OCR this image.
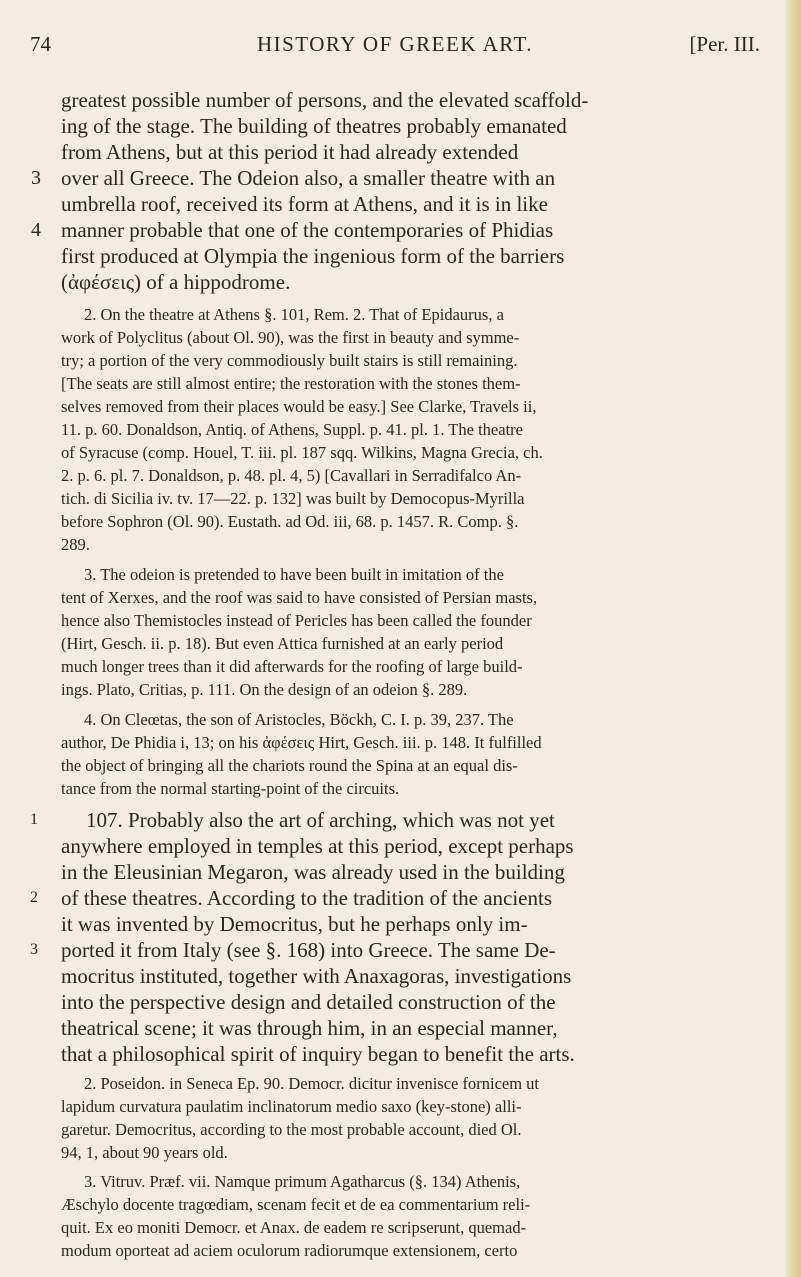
74	HISTORY OF GREEK ART.	[Per. III.
greatest possible number of persons, and the elevated scaffold-
ing of the stage. The building of theatres probably emanated
from Athens, but at this period it had already extended
over all Greece. The Odeion also, a smaller theatre with an
umbrella roof, received its form at Athens, and it is in like
manner probable that one of the contemporaries of Phidias
first produced at Olympia the ingenious form of the barriers
(ἀφέσεις) of a hippodrome.
2. On the theatre at Athens §. 101, Rem. 2. That of Epidaurus, a
work of Polyclitus (about Ol. 90), was the first in beauty and symme-
try; a portion of the very commodiously built stairs is still remaining.
[The seats are still almost entire; the restoration with the stones them-
selves removed from their places would be easy.] See Clarke, Travels ii,
11. p. 60. Donaldson, Antiq. of Athens, Suppl. p. 41. pl. 1. The theatre
of Syracuse (comp. Houel, T. iii. pl. 187 sqq. Wilkins, Magna Grecia, ch.
2. p. 6. pl. 7. Donaldson, p. 48. pl. 4, 5) [Cavallari in Serradifalco An-
tich. di Sicilia iv. tv. 17—22. p. 132] was built by Democopus-Myrilla
before Sophron (Ol. 90). Eustath. ad Od. iii, 68. p. 1457. R. Comp. §.
289.
3. The odeion is pretended to have been built in imitation of the
tent of Xerxes, and the roof was said to have consisted of Persian masts,
hence also Themistocles instead of Pericles has been called the founder
(Hirt, Gesch. ii. p. 18). But even Attica furnished at an early period
much longer trees than it did afterwards for the roofing of large build-
ings. Plato, Critias, p. 111. On the design of an odeion §. 289.
4. On Cleœtas, the son of Aristocles, Böckh, C. I. p. 39, 237. The
author, De Phidia i, 13; on his ἀφέσεις Hirt, Gesch. iii. p. 148. It fulfilled
the object of bringing all the chariots round the Spina at an equal dis-
tance from the normal starting-point of the circuits.
107. Probably also the art of arching, which was not yet
anywhere employed in temples at this period, except perhaps
in the Eleusinian Megaron, was already used in the building
of these theatres. According to the tradition of the ancients
it was invented by Democritus, but he perhaps only im-
ported it from Italy (see §. 168) into Greece. The same De-
mocritus instituted, together with Anaxagoras, investigations
into the perspective design and detailed construction of the
theatrical scene; it was through him, in an especial manner,
that a philosophical spirit of inquiry began to benefit the arts.
2. Poseidon. in Seneca Ep. 90. Democr. dicitur invenisce fornicem ut
lapidum curvatura paulatim inclinatorum medio saxo (key-stone) alli-
garetur. Democritus, according to the most probable account, died Ol.
94, 1, about 90 years old.
3. Vitruv. Præf. vii. Namque primum Agatharcus (§. 134) Athenis,
Æschylo docente tragœdiam, scenam fecit et de ea commentarium reli-
quit. Ex eo moniti Democr. et Anax. de eadem re scripserunt, quemad-
modum oporteat ad aciem oculorum radiorumque extensionem, certo
3
4
1
2
3
